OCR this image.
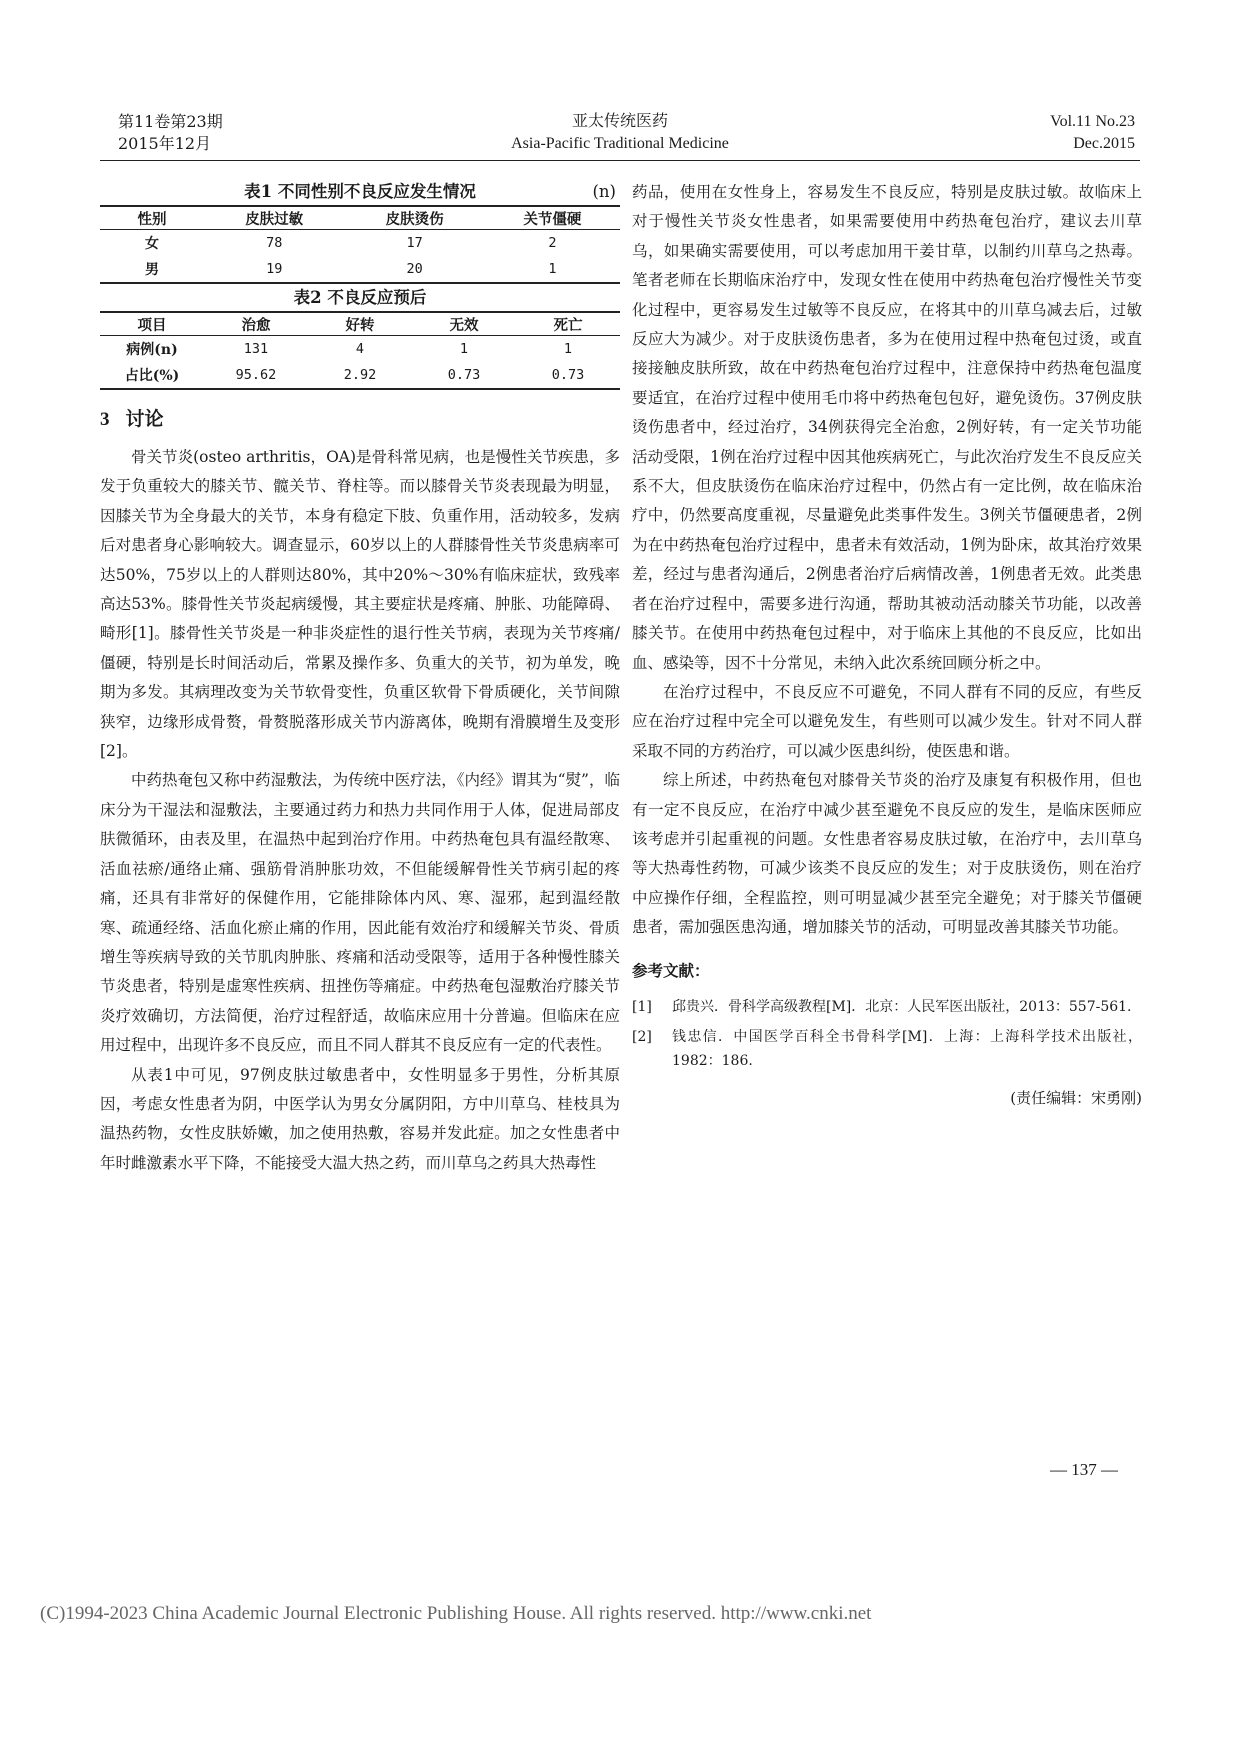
第11卷第23期
2015年12月
亚太传统医药
Asia-Pacific Traditional Medicine
Vol.11 No.23
Dec.2015
表1 不同性别不良反应发生情况	(n)
性别	皮肤过敏	皮肤烫伤	关节僵硬
女	78	17	2
男	19	20	1
表2 不良反应预后
项目	治愈	好转	无效	死亡
病例(n)	131	4	1	1
占比(%)	95.62	2.92	0.73	0.73
3 讨论

骨关节炎(osteo arthritis，OA)是骨科常见病，也是慢性关节疾患，多发于负重较大的膝关节、髋关节、脊柱等。而以膝骨关节炎表现最为明显，因膝关节为全身最大的关节，本身有稳定下肢、负重作用，活动较多，发病后对患者身心影响较大。调查显示，60岁以上的人群膝骨性关节炎患病率可达50%，75岁以上的人群则达80%，其中20%～30%有临床症状，致残率高达53%。膝骨性关节炎起病缓慢，其主要症状是疼痛、肿胀、功能障碍、畸形[1]。膝骨性关节炎是一种非炎症性的退行性关节病，表现为关节疼痛/僵硬，特别是长时间活动后，常累及操作多、负重大的关节，初为单发，晚期为多发。其病理改变为关节软骨变性，负重区软骨下骨质硬化，关节间隙狭窄，边缘形成骨赘，骨赘脱落形成关节内游离体，晚期有滑膜增生及变形[2]。

中药热奄包又称中药湿敷法，为传统中医疗法，《内经》谓其为“熨”，临床分为干湿法和湿敷法，主要通过药力和热力共同作用于人体，促进局部皮肤微循环，由表及里，在温热中起到治疗作用。中药热奄包具有温经散寒、活血祛瘀/通络止痛、强筋骨消肿胀功效，不但能缓解骨性关节病引起的疼痛，还具有非常好的保健作用，它能排除体内风、寒、湿邪，起到温经散寒、疏通经络、活血化瘀止痛的作用，因此能有效治疗和缓解关节炎、骨质增生等疾病导致的关节肌肉肿胀、疼痛和活动受限等，适用于各种慢性膝关节炎患者，特别是虚寒性疾病、扭挫伤等痛症。中药热奄包湿敷治疗膝关节炎疗效确切，方法简便，治疗过程舒适，故临床应用十分普遍。但临床在应用过程中，出现许多不良反应，而且不同人群其不良反应有一定的代表性。

从表1中可见，97例皮肤过敏患者中，女性明显多于男性，分析其原因，考虑女性患者为阴，中医学认为男女分属阴阳，方中川草乌、桂枝具为温热药物，女性皮肤娇嫩，加之使用热敷，容易并发此症。加之女性患者中年时雌激素水平下降，不能接受大温大热之药，而川草乌之药具大热毒性

药品，使用在女性身上，容易发生不良反应，特别是皮肤过敏。故临床上对于慢性关节炎女性患者，如果需要使用中药热奄包治疗，建议去川草乌，如果确实需要使用，可以考虑加用干姜甘草，以制约川草乌之热毒。笔者老师在长期临床治疗中，发现女性在使用中药热奄包治疗慢性关节变化过程中，更容易发生过敏等不良反应，在将其中的川草乌减去后，过敏反应大为减少。对于皮肤烫伤患者，多为在使用过程中热奄包过烫，或直接接触皮肤所致，故在中药热奄包治疗过程中，注意保持中药热奄包温度要适宜，在治疗过程中使用毛巾将中药热奄包包好，避免烫伤。37例皮肤烫伤患者中，经过治疗，34例获得完全治愈，2例好转，有一定关节功能活动受限，1例在治疗过程中因其他疾病死亡，与此次治疗发生不良反应关系不大，但皮肤烫伤在临床治疗过程中，仍然占有一定比例，故在临床治疗中，仍然要高度重视，尽量避免此类事件发生。3例关节僵硬患者，2例为在中药热奄包治疗过程中，患者未有效活动，1例为卧床，故其治疗效果差，经过与患者沟通后，2例患者治疗后病情改善，1例患者无效。此类患者在治疗过程中，需要多进行沟通，帮助其被动活动膝关节功能，以改善膝关节。在使用中药热奄包过程中，对于临床上其他的不良反应，比如出血、感染等，因不十分常见，未纳入此次系统回顾分析之中。

在治疗过程中，不良反应不可避免，不同人群有不同的反应，有些反应在治疗过程中完全可以避免发生，有些则可以减少发生。针对不同人群采取不同的方药治疗，可以减少医患纠纷，使医患和谐。

综上所述，中药热奄包对膝骨关节炎的治疗及康复有积极作用，但也有一定不良反应，在治疗中减少甚至避免不良反应的发生，是临床医师应该考虑并引起重视的问题。女性患者容易皮肤过敏，在治疗中，去川草乌等大热毒性药物，可减少该类不良反应的发生；对于皮肤烫伤，则在治疗中应操作仔细，全程监控，则可明显减少甚至完全避免；对于膝关节僵硬患者，需加强医患沟通，增加膝关节的活动，可明显改善其膝关节功能。

参考文献：
[1]	邱贵兴．骨科学高级教程[M]．北京：人民军医出版社，2013：557-561.
[2]	钱忠信．中国医学百科全书骨科学[M]．上海：上海科学技术出版社，1982：186.
(责任编辑：宋勇刚)
— 137 —
(C)1994-2023 China Academic Journal Electronic Publishing House. All rights reserved. http://www.cnki.net
